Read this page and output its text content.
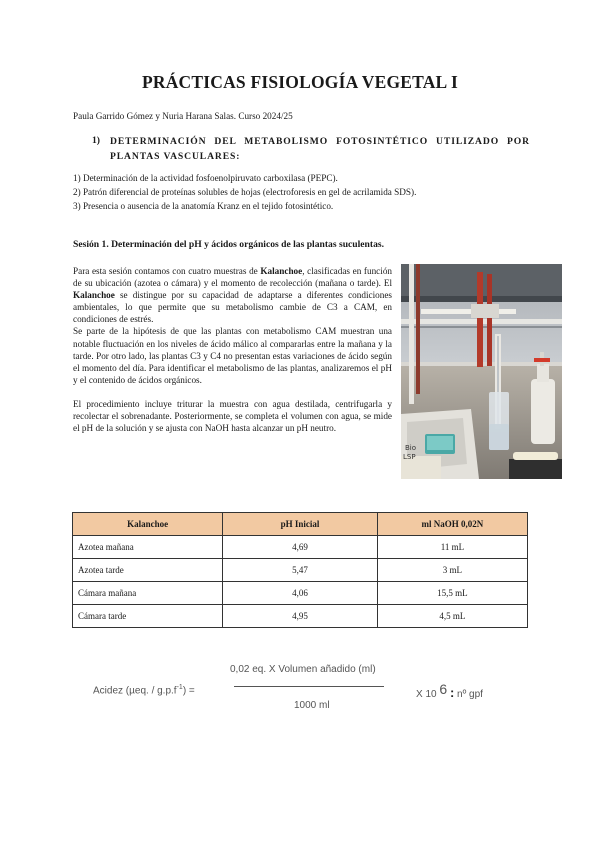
PRÁCTICAS FISIOLOGÍA VEGETAL I
Paula Garrido Gómez y Nuria Harana Salas. Curso 2024/25
1) DETERMINACIÓN DEL METABOLISMO FOTOSINTÉTICO UTILIZADO POR PLANTAS VASCULARES:
1) Determinación de la actividad fosfoenolpiruvato carboxilasa (PEPC).
2) Patrón diferencial de proteínas solubles de hojas (electroforesis en gel de acrilamida SDS).
3) Presencia o ausencia de la anatomía Kranz en el tejido fotosintético.
Sesión 1. Determinación del pH y ácidos orgánicos de las plantas suculentas.

Para esta sesión contamos con cuatro muestras de Kalanchoe, clasificadas en función de su ubicación (azotea o cámara) y el momento de recolección (mañana o tarde). El Kalanchoe se distingue por su capacidad de adaptarse a diferentes condiciones ambientales, lo que permite que su metabolismo cambie de C3 a CAM, en condiciones de estrés.

Se parte de la hipótesis de que las plantas con metabolismo CAM muestran una notable fluctuación en los niveles de ácido málico al compararlas entre la mañana y la tarde. Por otro lado, las plantas C3 y C4 no presentan estas variaciones de ácido según el momento del día. Para identificar el metabolismo de las plantas, analizaremos el pH y el contenido de ácidos orgánicos.

El procedimiento incluye triturar la muestra con agua destilada, centrifugarla y recolectar el sobrenadante. Posteriormente, se completa el volumen con agua, se mide el pH de la solución y se ajusta con NaOH hasta alcanzar un pH neutro.

Bio
LSP
Kalanchoe	pH Inicial	ml NaOH 0,02N
Azotea mañana	4,69	11 mL
Azotea tarde	5,47	3 mL
Cámara mañana	4,06	15,5 mL
Cámara tarde	4,95	4,5 mL
0,02 eq. X Volumen añadido (ml)
Acidez (µeq. / $g.p.f^{-1}$) =
1000 ml
X 10 6 : nº gpf
